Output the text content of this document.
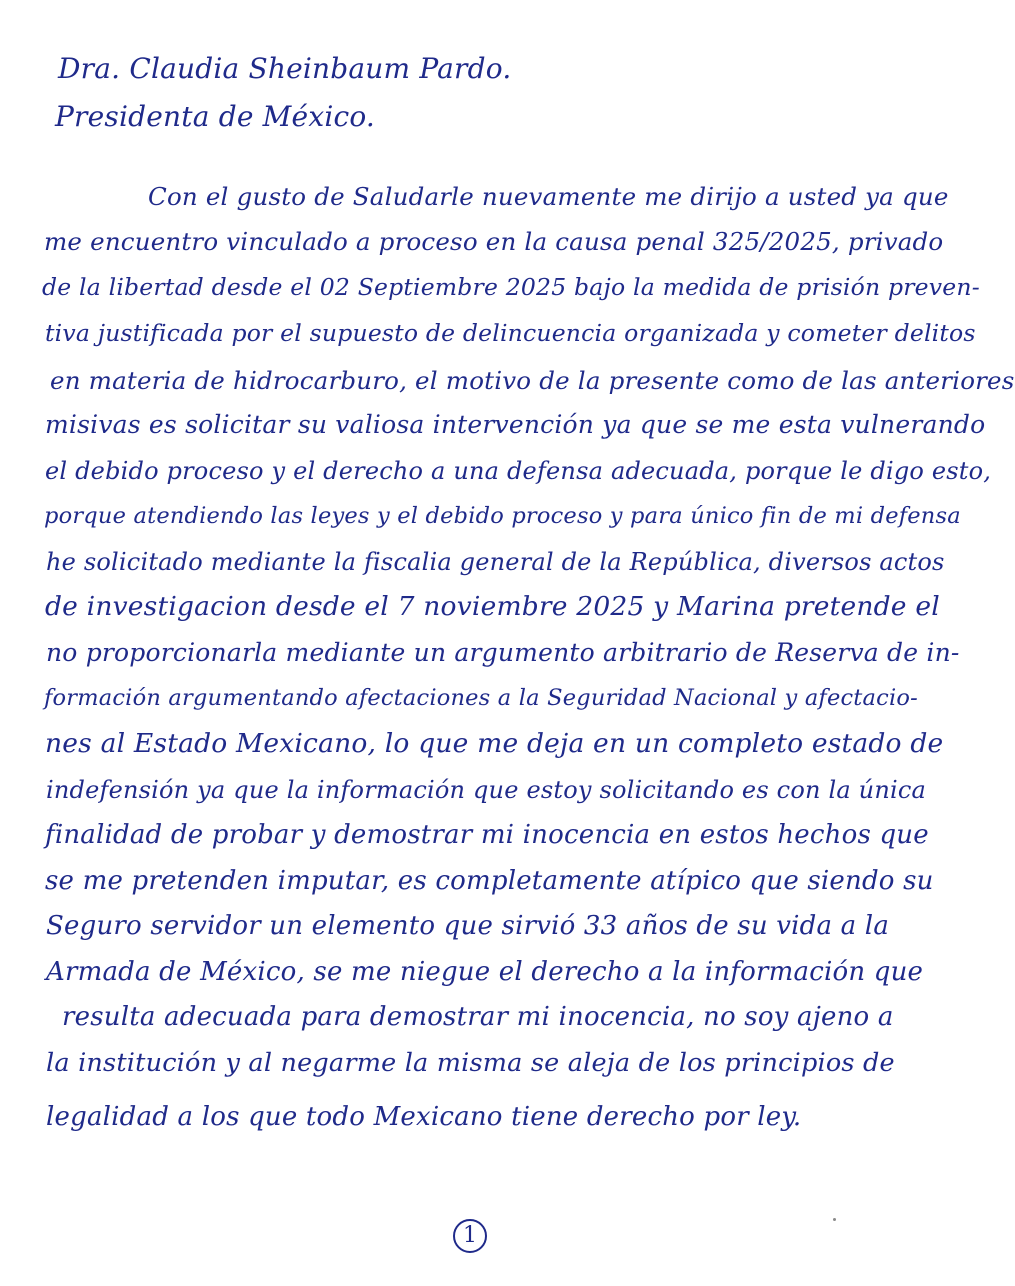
Dra. Claudia Sheinbaum Pardo.
Presidenta de México.
Con el gusto de Saludarle nuevamente me dirijo a usted ya que
me encuentro vinculado a proceso en la causa penal 325/2025, privado
de la libertad desde el 02 Septiembre 2025 bajo la medida de prisión preven-
tiva justificada por el supuesto de delincuencia organizada y cometer delitos
en materia de hidrocarburo, el motivo de la presente como de las anteriores
misivas es solicitar su valiosa intervención ya que se me esta vulnerando
el debido proceso y el derecho a una defensa adecuada, porque le digo esto,
porque atendiendo las leyes y el debido proceso y para único fin de mi defensa
he solicitado mediante la fiscalia general de la República, diversos actos
de investigacion desde el 7 noviembre 2025 y Marina pretende el
no proporcionarla mediante un argumento arbitrario de Reserva de in-
formación argumentando afectaciones a la Seguridad Nacional y afectacio-
nes al Estado Mexicano, lo que me deja en un completo estado de
indefensión ya que la información que estoy solicitando es con la única
finalidad de probar y demostrar mi inocencia en estos hechos que
se me pretenden imputar, es completamente atípico que siendo su
Seguro servidor un elemento que sirvió 33 años de su vida a la
Armada de México, se me niegue el derecho a la información que
resulta adecuada para demostrar mi inocencia, no soy ajeno a
la institución y al negarme la misma se aleja de los principios de
legalidad a los que todo Mexicano tiene derecho por ley.
1
